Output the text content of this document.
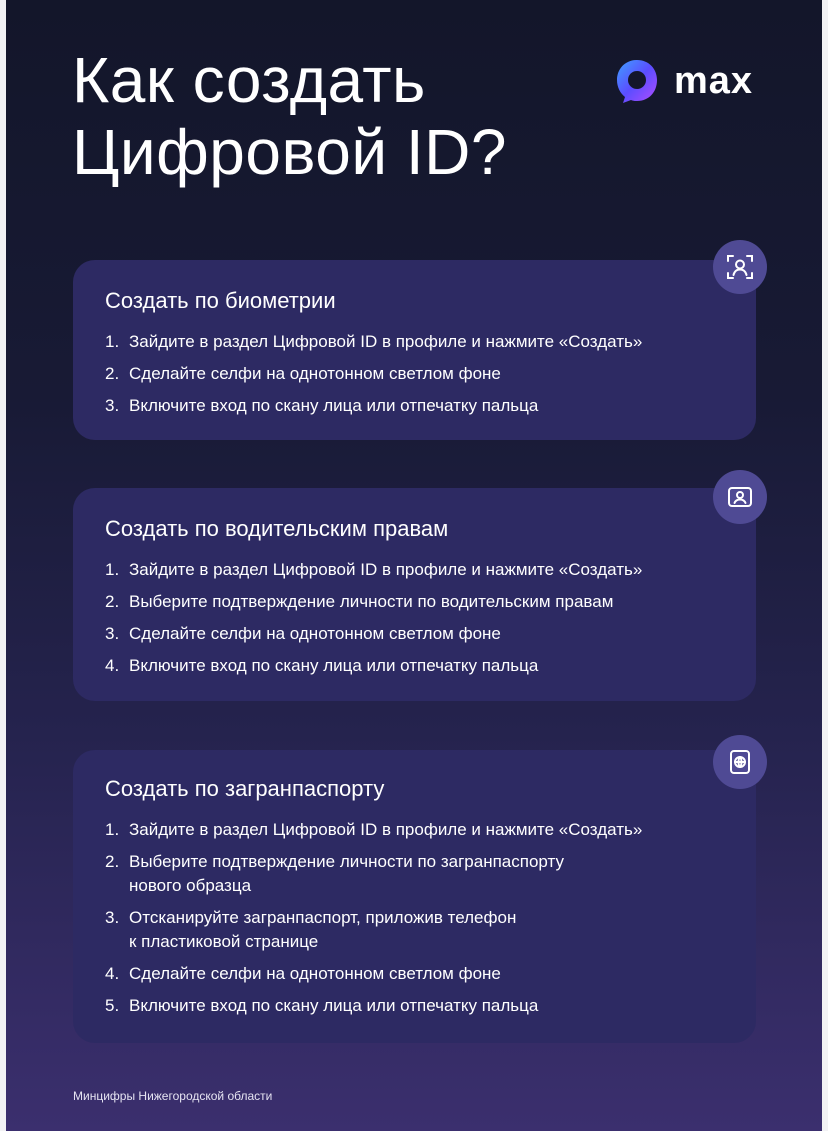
Как создать
Цифровой ID?
max
Создать по биометрии
1. Зайдите в раздел Цифровой ID в профиле и нажмите «Создать»
2. Сделайте селфи на однотонном светлом фоне
3. Включите вход по скану лица или отпечатку пальца
Создать по водительским правам
1. Зайдите в раздел Цифровой ID в профиле и нажмите «Создать»
2. Выберите подтверждение личности по водительским правам
3. Сделайте селфи на однотонном светлом фоне
4. Включите вход по скану лица или отпечатку пальца
Создать по загранпаспорту
1. Зайдите в раздел Цифровой ID в профиле и нажмите «Создать»
2. Выберите подтверждение личности по загранпаспорту
нового образца
3. Отсканируйте загранпаспорт, приложив телефон
к пластиковой странице
4. Сделайте селфи на однотонном светлом фоне
5. Включите вход по скану лица или отпечатку пальца
Минцифры Нижегородской области
